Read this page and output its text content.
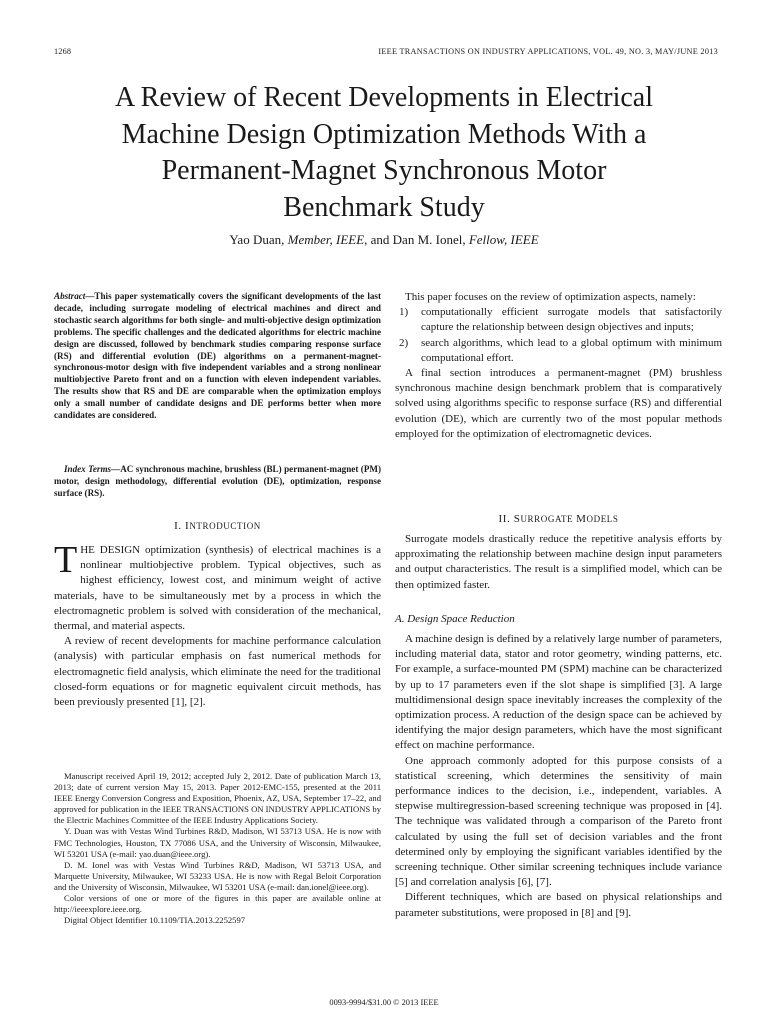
1268	IEEE TRANSACTIONS ON INDUSTRY APPLICATIONS, VOL. 49, NO. 3, MAY/JUNE 2013
A Review of Recent Developments in Electrical
Machine Design Optimization Methods With a
Permanent-Magnet Synchronous Motor
Benchmark Study
Yao Duan, Member, IEEE, and Dan M. Ionel, Fellow, IEEE

Abstract—This paper systematically covers the significant developments of the last decade, including surrogate modeling of electrical machines and direct and stochastic search algorithms for both single- and multi-objective design optimization problems. The specific challenges and the dedicated algorithms for electric machine design are discussed, followed by benchmark studies comparing response surface (RS) and differential evolution (DE) algorithms on a permanent-magnet-synchronous-motor design with five independent variables and a strong nonlinear multiobjective Pareto front and on a function with eleven independent variables. The results show that RS and DE are comparable when the optimization employs only a small number of candidate designs and DE performs better when more candidates are considered.

Index Terms—AC synchronous machine, brushless (BL) permanent-magnet (PM) motor, design methodology, differential evolution (DE), optimization, response surface (RS).

I. INTRODUCTION

THE DESIGN optimization (synthesis) of electrical machines is a nonlinear multiobjective problem. Typical objectives, such as highest efficiency, lowest cost, and minimum weight of active materials, have to be simultaneously met by a process in which the electromagnetic problem is solved with consideration of the mechanical, thermal, and material aspects.

A review of recent developments for machine performance calculation (analysis) with particular emphasis on fast numerical methods for electromagnetic field analysis, which eliminate the need for the traditional closed-form equations or for magnetic equivalent circuit methods, has been previously presented [1], [2].

Manuscript received April 19, 2012; accepted July 2, 2012. Date of publication March 13, 2013; date of current version May 15, 2013. Paper 2012-EMC-155, presented at the 2011 IEEE Energy Conversion Congress and Exposition, Phoenix, AZ, USA, September 17–22, and approved for publication in the IEEE TRANSACTIONS ON INDUSTRY APPLICATIONS by the Electric Machines Committee of the IEEE Industry Applications Society.

Y. Duan was with Vestas Wind Turbines R&D, Madison, WI 53713 USA. He is now with FMC Technologies, Houston, TX 77086 USA, and the University of Wisconsin, Milwaukee, WI 53201 USA (e-mail: yao.duan@ieee.org).

D. M. Ionel was with Vestas Wind Turbines R&D, Madison, WI 53713 USA, and Marquette University, Milwaukee, WI 53233 USA. He is now with Regal Beloit Corporation and the University of Wisconsin, Milwaukee, WI 53201 USA (e-mail: dan.ionel@ieee.org).

Color versions of one or more of the figures in this paper are available online at http://ieeexplore.ieee.org.

Digital Object Identifier 10.1109/TIA.2013.2252597

This paper focuses on the review of optimization aspects, namely:

1)	computationally efficient surrogate models that satisfactorily capture the relationship between design objectives and inputs;
2)	search algorithms, which lead to a global optimum with minimum computational effort.

A final section introduces a permanent-magnet (PM) brushless synchronous machine design benchmark problem that is comparatively solved using algorithms specific to response surface (RS) and differential evolution (DE), which are currently two of the most popular methods employed for the optimization of electromagnetic devices.

II. SURROGATE MODELS

Surrogate models drastically reduce the repetitive analysis efforts by approximating the relationship between machine design input parameters and output characteristics. The result is a simplified model, which can be then optimized faster.

A. Design Space Reduction

A machine design is defined by a relatively large number of parameters, including material data, stator and rotor geometry, winding patterns, etc. For example, a surface-mounted PM (SPM) machine can be characterized by up to 17 parameters even if the slot shape is simplified [3]. A large multidimensional design space inevitably increases the complexity of the optimization process. A reduction of the design space can be achieved by identifying the major design parameters, which have the most significant effect on machine performance.

One approach commonly adopted for this purpose consists of a statistical screening, which determines the sensitivity of main performance indices to the decision, i.e., independent, variables. A stepwise multiregression-based screening technique was proposed in [4]. The technique was validated through a comparison of the Pareto front calculated by using the full set of decision variables and the front determined only by employing the significant variables identified by the screening technique. Other similar screening techniques include variance [5] and correlation analysis [6], [7].

Different techniques, which are based on physical relationships and parameter substitutions, were proposed in [8] and [9].

0093-9994/$31.00 © 2013 IEEE
